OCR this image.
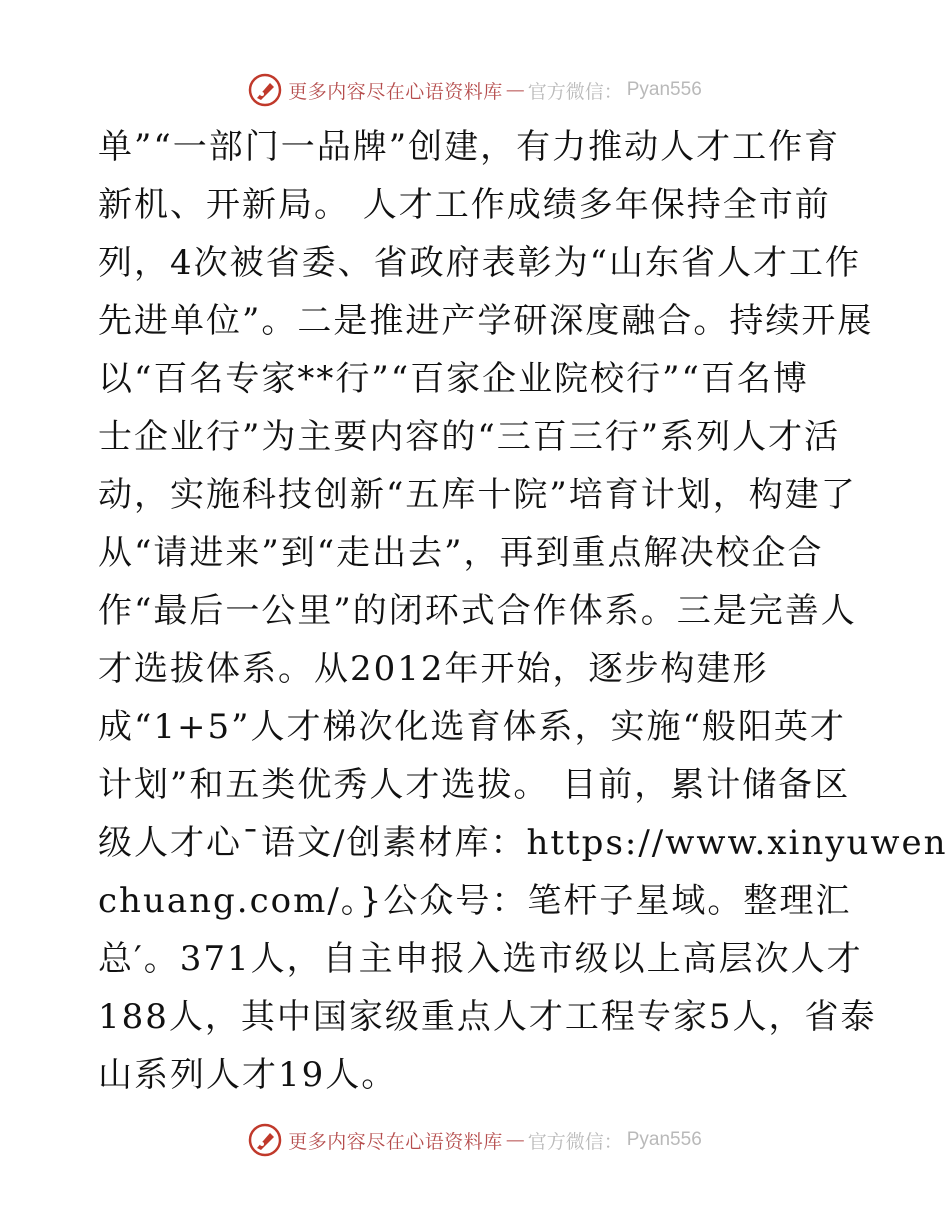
更多内容尽在心语资料库 — 官方微信： Pyan556
单”“一部门一品牌”创建，有力推动人才工作育
新机、开新局。 人才工作成绩多年保持全市前
列，4次被省委、省政府表彰为“山东省人才工作
先进单位”。二是推进产学研深度融合。持续开展
以“百名专家**行”“百家企业院校行”“百名博
士企业行”为主要内容的“三百三行”系列人才活
动，实施科技创新“五库十院”培育计划，构建了
从“请进来”到“走出去”，再到重点解决校企合
作“最后一公里”的闭环式合作体系。三是完善人
才选拔体系。从2012年开始，逐步构建形
成“1+5”人才梯次化选育体系，实施“般阳英才
计划”和五类优秀人才选拔。 目前，累计储备区
级人才心¯语文/创素材库：https://www.xinyuwen
chuang.com/。}公众号：笔杆子星域。整理汇
总′。371人，自主申报入选市级以上高层次人才
188人，其中国家级重点人才工程专家5人，省泰
山系列人才19人。
更多内容尽在心语资料库 — 官方微信： Pyan556
